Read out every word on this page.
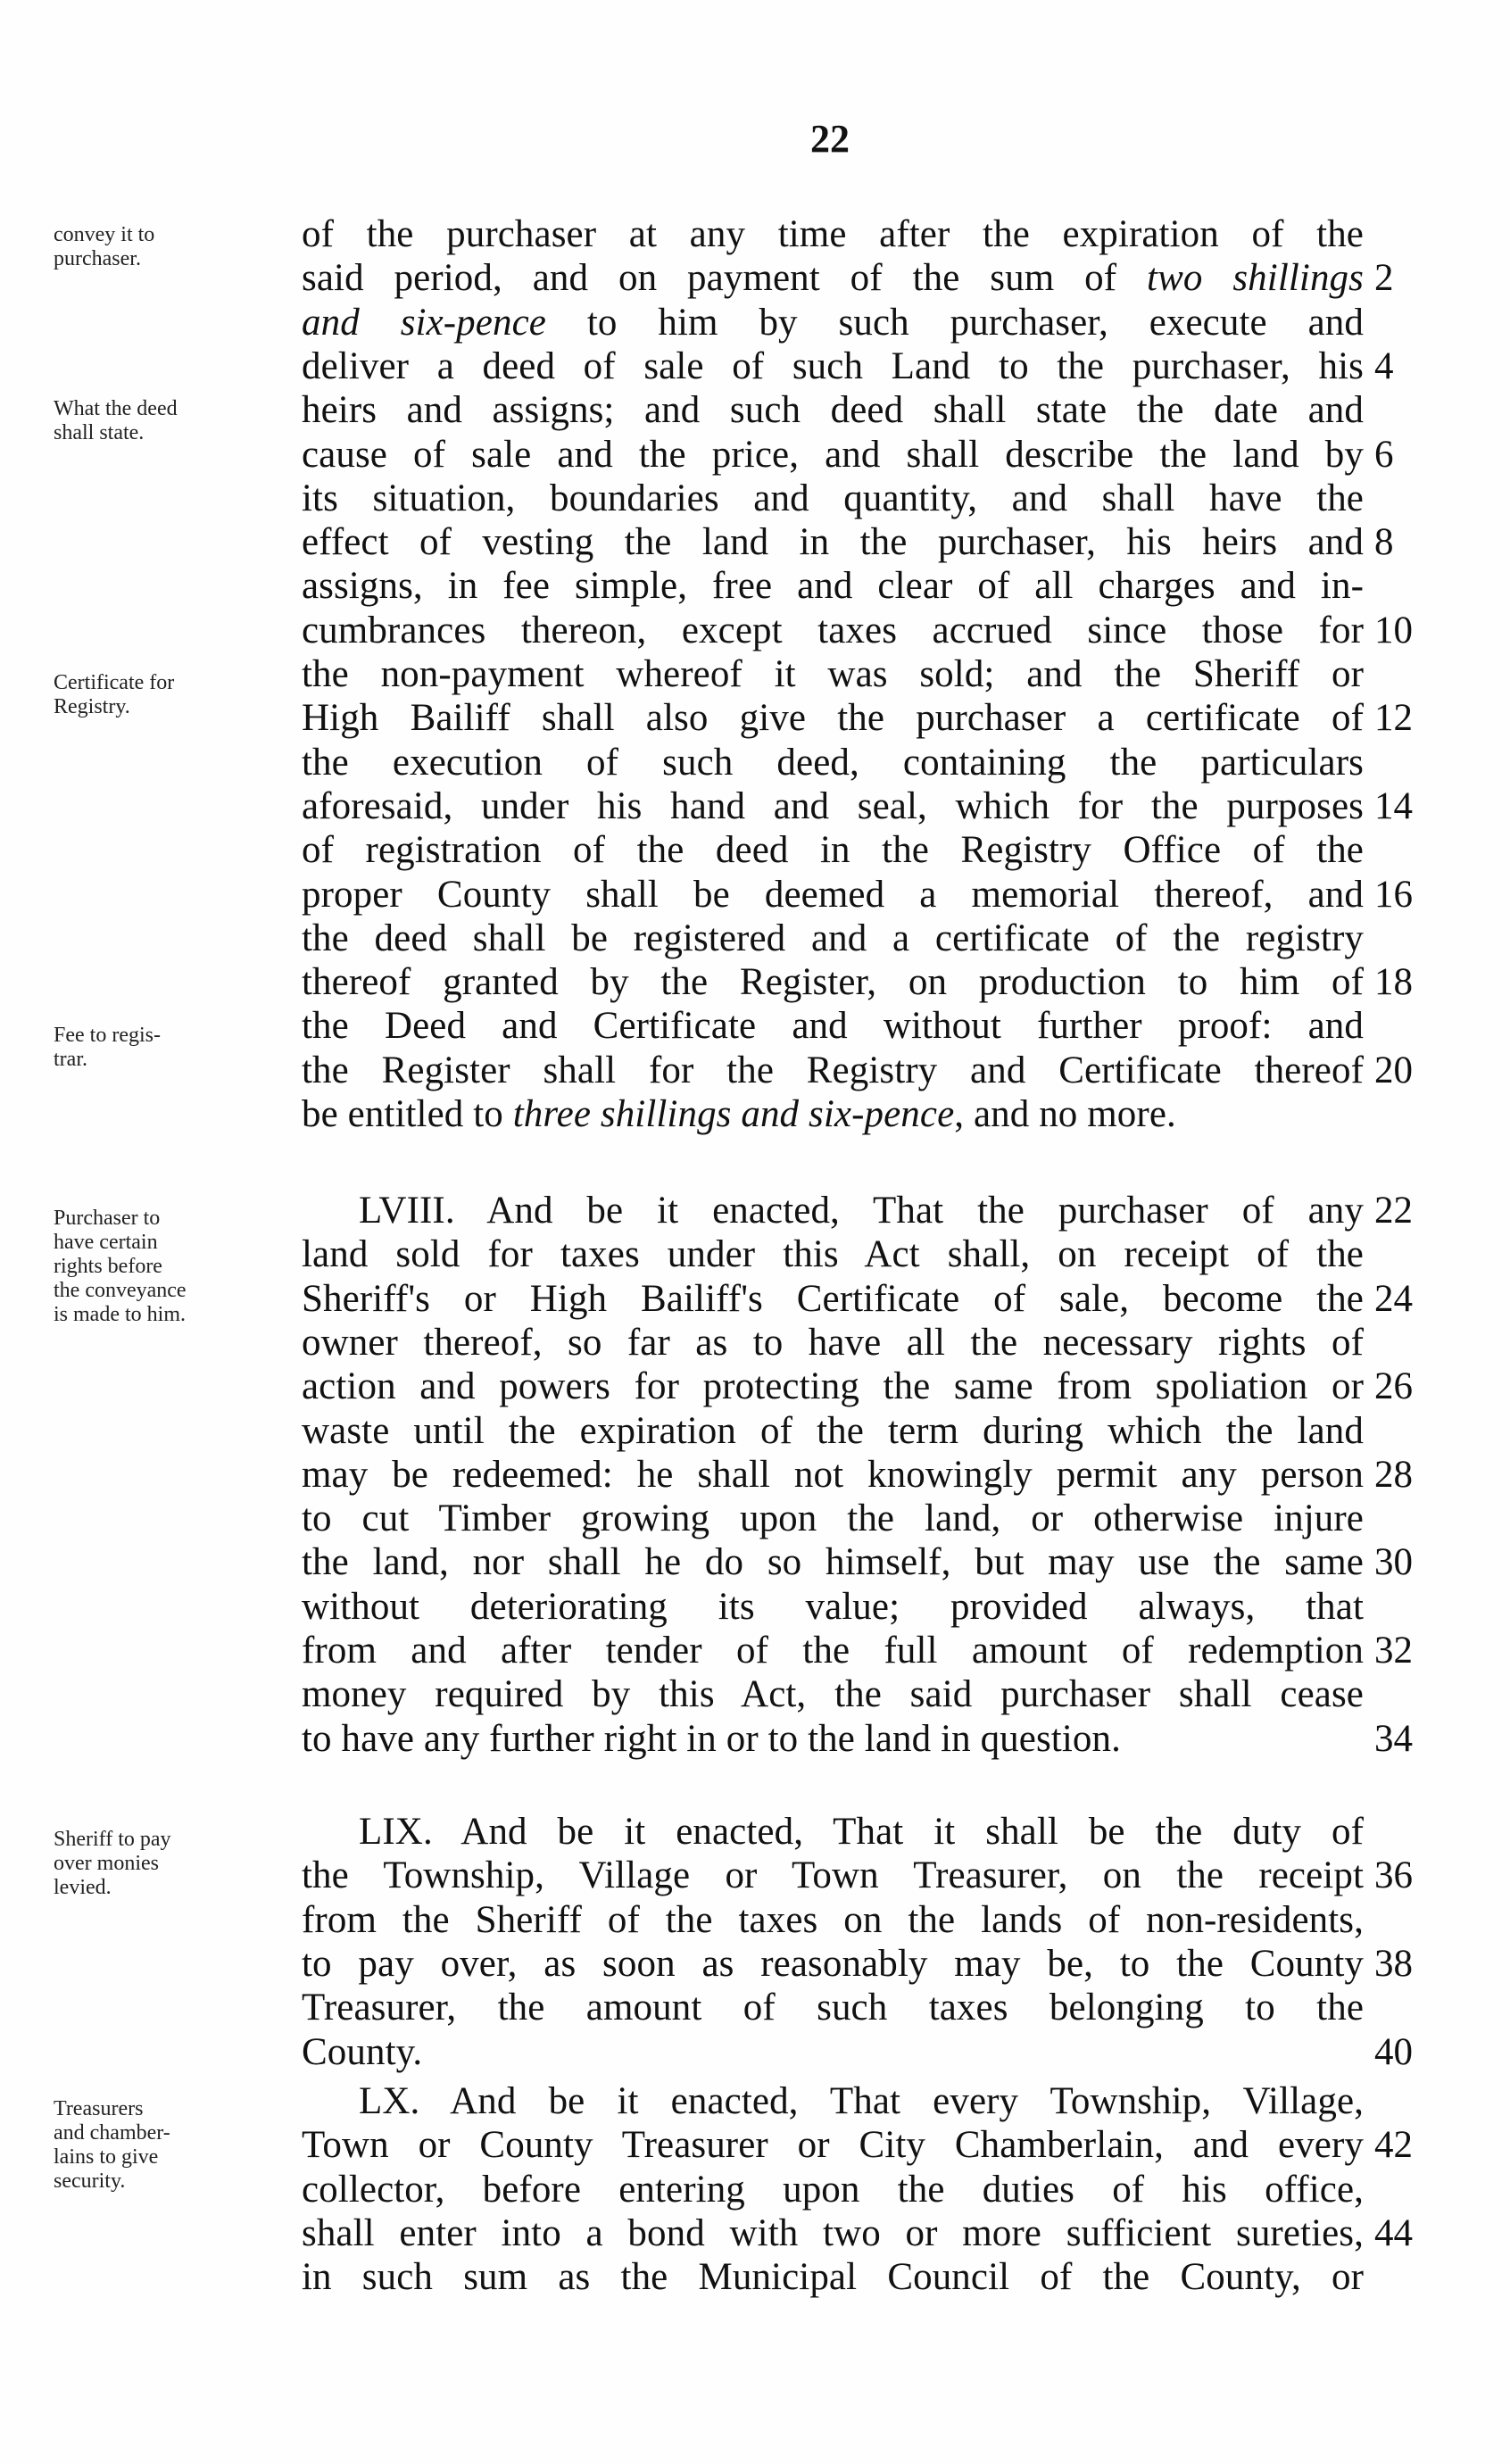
22
convey it to
purchaser.
What the deed
shall state.
Certificate for
Registry.
Fee to regis-
trar.
Purchaser to
have certain
rights before
the conveyance
is made to him.
Sheriff to pay
over monies
levied.
Treasurers
and chamber-
lains to give
security.
of the purchaser at any time after the expiration of the
said period, and on payment of the sum of two shillings 2
and six-pence to him by such purchaser, execute and
deliver a deed of sale of such Land to the purchaser, his 4
heirs and assigns; and such deed shall state the date and
cause of sale and the price, and shall describe the land by 6
its situation, boundaries and quantity, and shall have the
effect of vesting the land in the purchaser, his heirs and 8
assigns, in fee simple, free and clear of all charges and in-
cumbrances thereon, except taxes accrued since those for 10
the non-payment whereof it was sold; and the Sheriff or
High Bailiff shall also give the purchaser a certificate of 12
the execution of such deed, containing the particulars
aforesaid, under his hand and seal, which for the purposes 14
of registration of the deed in the Registry Office of the
proper County shall be deemed a memorial thereof, and 16
the deed shall be registered and a certificate of the registry
thereof granted by the Register, on production to him of 18
the Deed and Certificate and without further proof: and
the Register shall for the Registry and Certificate thereof 20
be entitled to three shillings and six-pence, and no more.
LVIII. And be it enacted, That the purchaser of any 22
land sold for taxes under this Act shall, on receipt of the
Sheriff's or High Bailiff's Certificate of sale, become the 24
owner thereof, so far as to have all the necessary rights of
action and powers for protecting the same from spoliation or 26
waste until the expiration of the term during which the land
may be redeemed: he shall not knowingly permit any person 28
to cut Timber growing upon the land, or otherwise injure
the land, nor shall he do so himself, but may use the same 30
without deteriorating its value; provided always, that
from and after tender of the full amount of redemption 32
money required by this Act, the said purchaser shall cease
to have any further right in or to the land in question.	34
LIX. And be it enacted, That it shall be the duty of
the Township, Village or Town Treasurer, on the receipt 36
from the Sheriff of the taxes on the lands of non-residents,
to pay over, as soon as reasonably may be, to the County 38
Treasurer, the amount of such taxes belonging to the
County.	40
LX. And be it enacted, That every Township, Village,
Town or County Treasurer or City Chamberlain, and every 42
collector, before entering upon the duties of his office,
shall enter into a bond with two or more sufficient sureties, 44
in such sum as the Municipal Council of the County, or
